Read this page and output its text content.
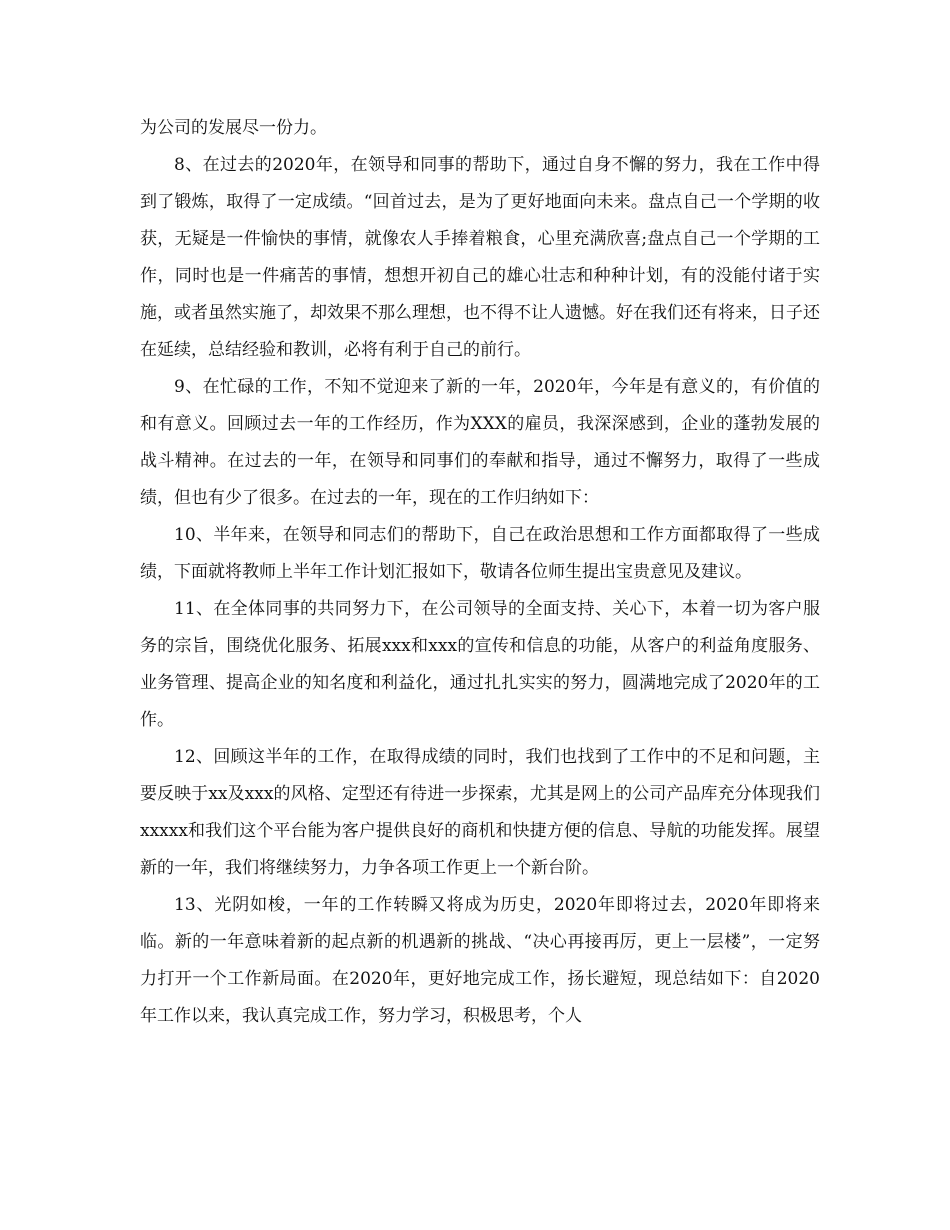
为公司的发展尽一份力。

8、在过去的2020年，在领导和同事的帮助下，通过自身不懈的努力，我在工作中得到了锻炼，取得了一定成绩。“回首过去，是为了更好地面向未来。盘点自己一个学期的收获，无疑是一件愉快的事情，就像农人手捧着粮食，心里充满欣喜;盘点自己一个学期的工作，同时也是一件痛苦的事情，想想开初自己的雄心壮志和种种计划，有的没能付诸于实施，或者虽然实施了，却效果不那么理想，也不得不让人遗憾。好在我们还有将来，日子还在延续，总结经验和教训，必将有利于自己的前行。

9、在忙碌的工作，不知不觉迎来了新的一年，2020年，今年是有意义的，有价值的和有意义。回顾过去一年的工作经历，作为XXX的雇员，我深深感到，企业的蓬勃发展的战斗精神。在过去的一年，在领导和同事们的奉献和指导，通过不懈努力，取得了一些成绩，但也有少了很多。在过去的一年，现在的工作归纳如下：

10、半年来，在领导和同志们的帮助下，自己在政治思想和工作方面都取得了一些成绩，下面就将教师上半年工作计划汇报如下，敬请各位师生提出宝贵意见及建议。

11、在全体同事的共同努力下，在公司领导的全面支持、关心下，本着一切为客户服务的宗旨，围绕优化服务、拓展xxx和xxx的宣传和信息的功能，从客户的利益角度服务、业务管理、提高企业的知名度和利益化，通过扎扎实实的努力，圆满地完成了2020年的工作。

12、回顾这半年的工作，在取得成绩的同时，我们也找到了工作中的不足和问题，主要反映于xx及xxx的风格、定型还有待进一步探索，尤其是网上的公司产品库充分体现我们xxxxx和我们这个平台能为客户提供良好的商机和快捷方便的信息、导航的功能发挥。展望新的一年，我们将继续努力，力争各项工作更上一个新台阶。

13、光阴如梭，一年的工作转瞬又将成为历史，2020年即将过去，2020年即将来临。新的一年意味着新的起点新的机遇新的挑战、“决心再接再厉，更上一层楼”，一定努力打开一个工作新局面。在2020年，更好地完成工作，扬长避短，现总结如下：自2020年工作以来，我认真完成工作，努力学习，积极思考，个人
